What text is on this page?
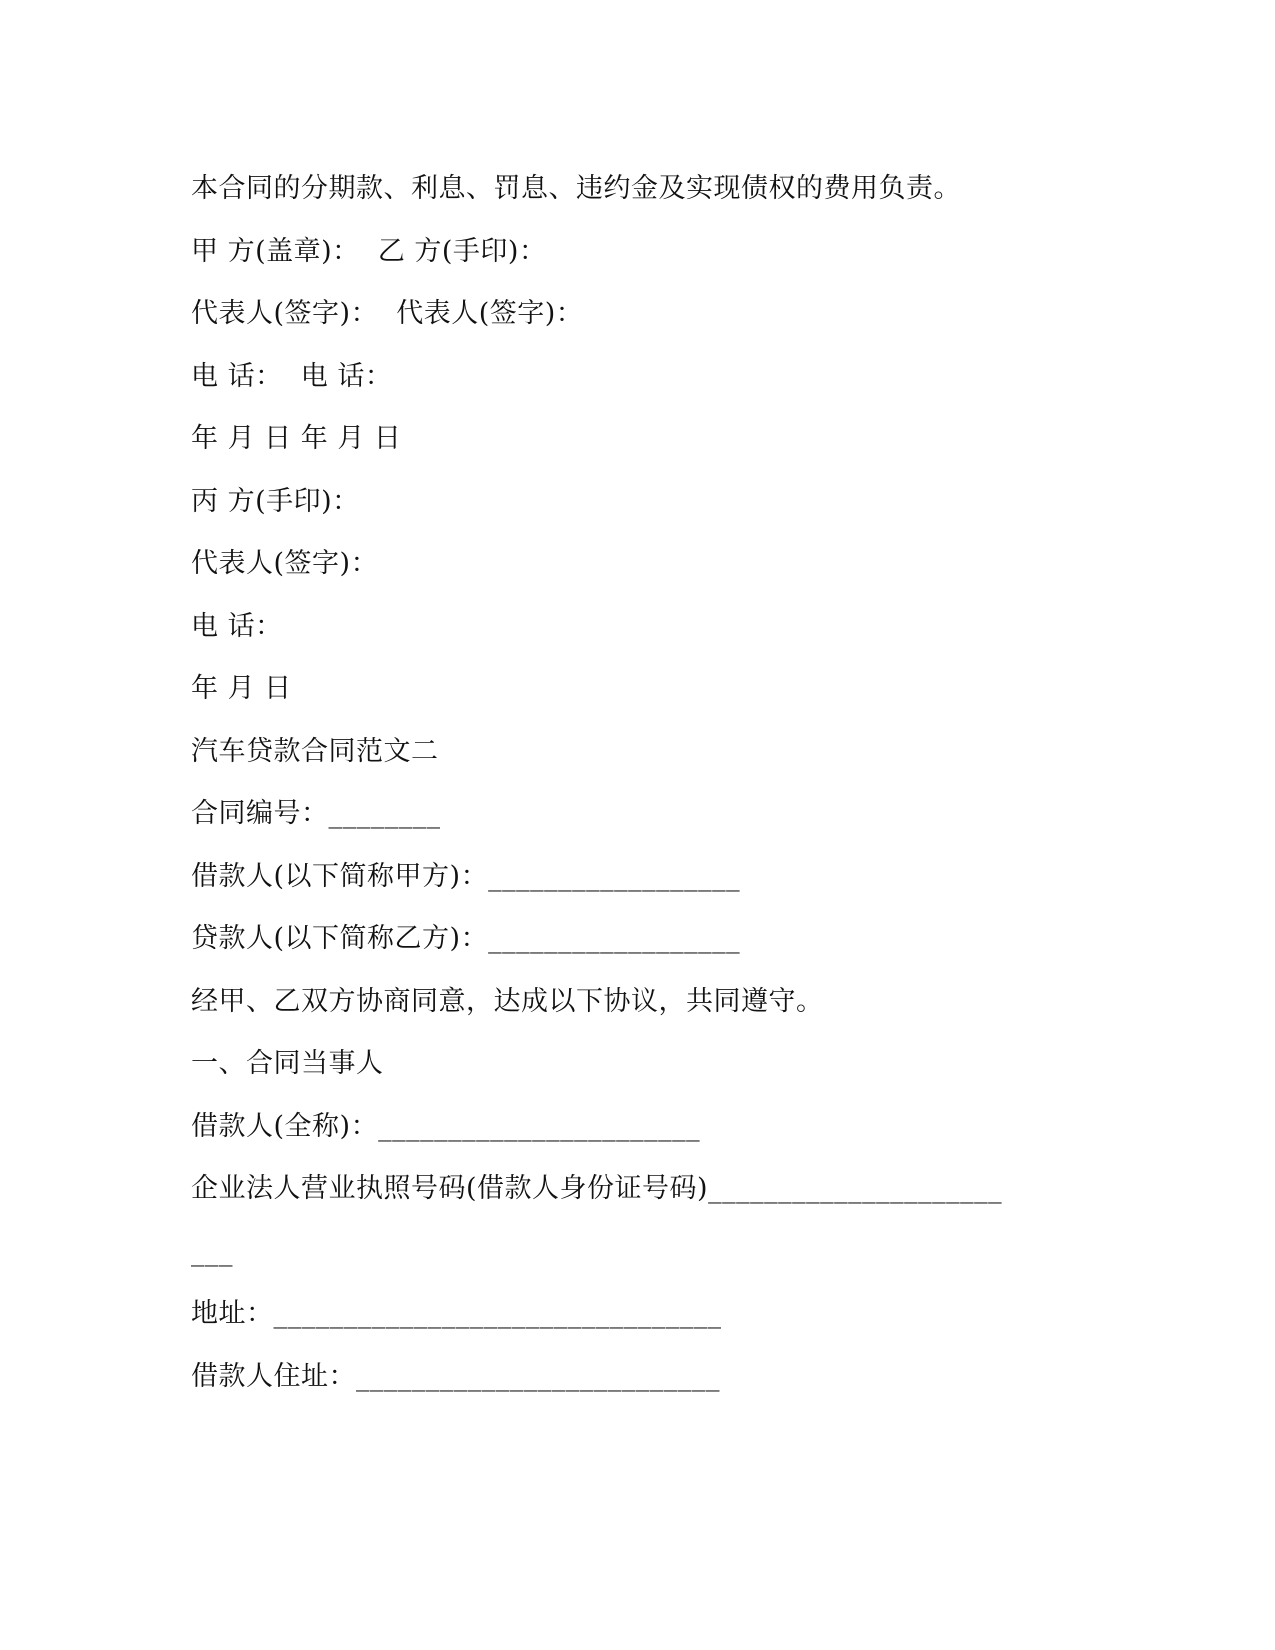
本合同的分期款、利息、罚息、违约金及实现债权的费用负责。
甲 方(盖章)：  乙 方(手印)：
代表人(签字)：  代表人(签字)：
电 话：  电 话：
年 月 日 年 月 日
丙 方(手印)：
代表人(签字)：
电 话：
年 月 日
汽车贷款合同范文二
合同编号：________
借款人(以下简称甲方)：__________________
贷款人(以下简称乙方)：__________________
经甲、乙双方协商同意，达成以下协议，共同遵守。
一、合同当事人
借款人(全称)：_______________________
企业法人营业执照号码(借款人身份证号码)_____________________
___
地址：________________________________
借款人住址：__________________________
